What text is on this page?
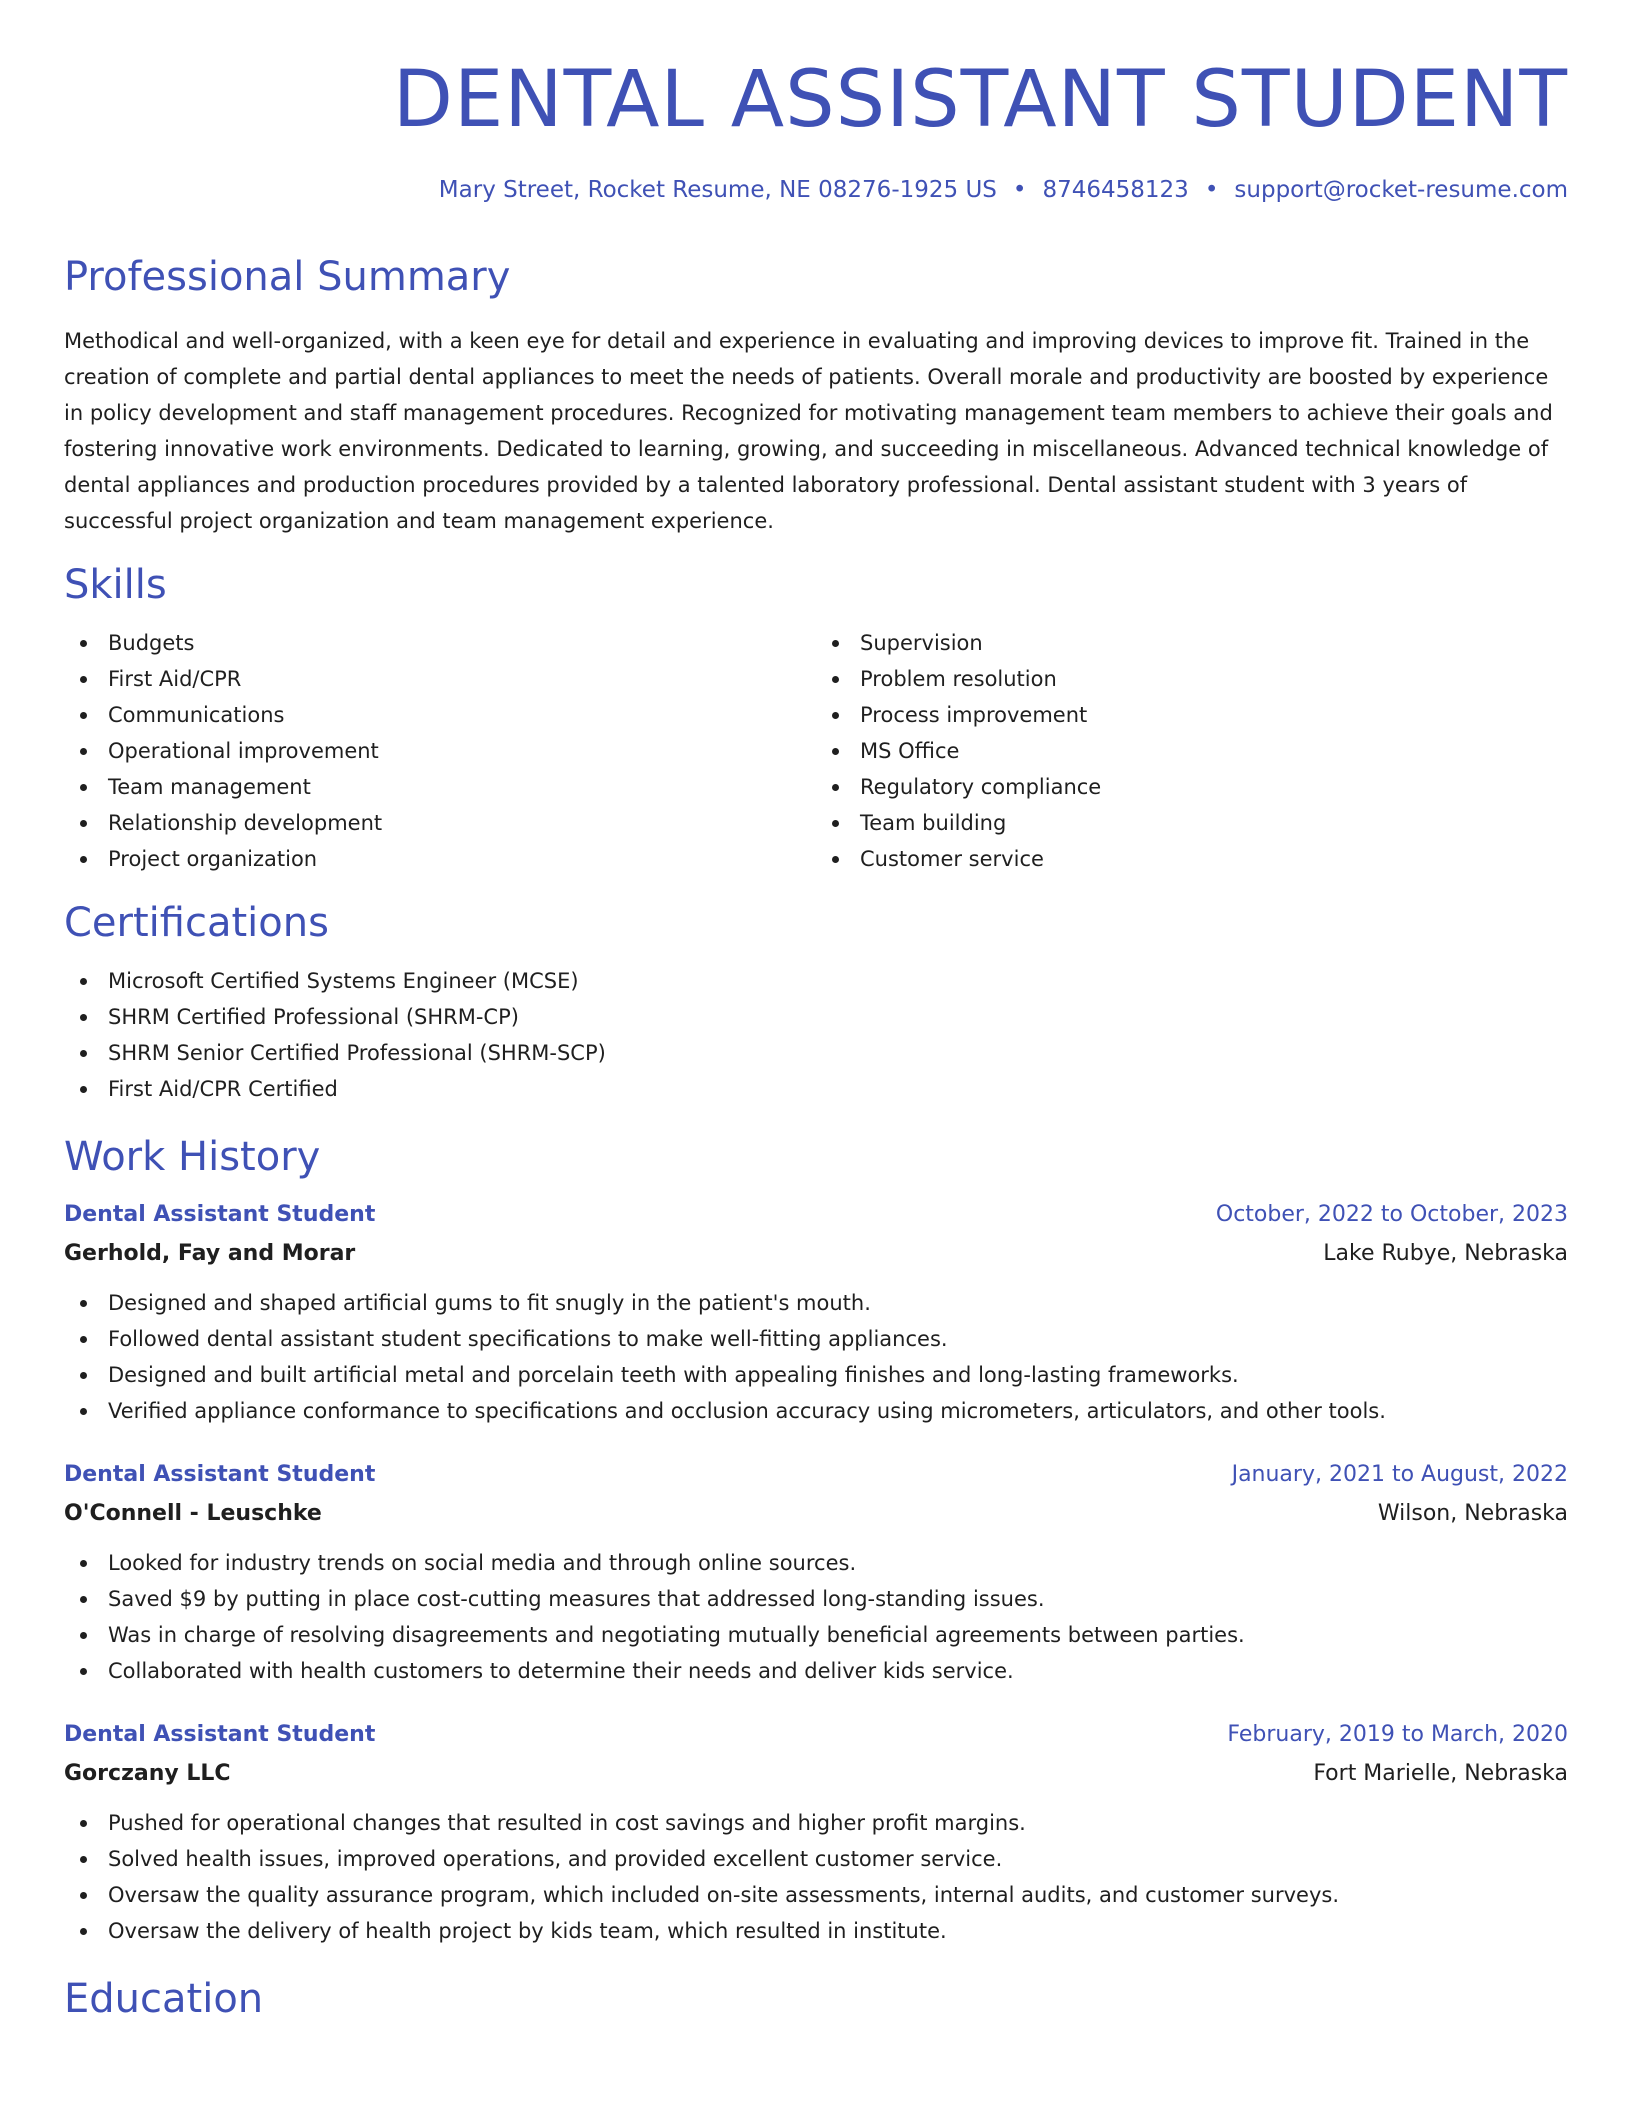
DENTAL ASSISTANT STUDENT
Mary Street, Rocket Resume, NE 08276-1925 US • 8746458123 • support@rocket-resume.com
Professional Summary
Methodical and well-organized, with a keen eye for detail and experience in evaluating and improving devices to improve fit. Trained in the creation of complete and partial dental appliances to meet the needs of patients. Overall morale and productivity are boosted by experience in policy development and staff management procedures. Recognized for motivating management team members to achieve their goals and fostering innovative work environments. Dedicated to learning, growing, and succeeding in miscellaneous. Advanced technical knowledge of dental appliances and production procedures provided by a talented laboratory professional. Dental assistant student with 3 years of successful project organization and team management experience.
Skills
Budgets
First Aid/CPR
Communications
Operational improvement
Team management
Relationship development
Project organization
Supervision
Problem resolution
Process improvement
MS Office
Regulatory compliance
Team building
Customer service
Certifications
Microsoft Certified Systems Engineer (MCSE)
SHRM Certified Professional (SHRM-CP)
SHRM Senior Certified Professional (SHRM-SCP)
First Aid/CPR Certified
Work History
Dental Assistant Student	October, 2022 to October, 2023
Gerhold, Fay and Morar	Lake Rubye, Nebraska
Designed and shaped artificial gums to fit snugly in the patient's mouth.
Followed dental assistant student specifications to make well-fitting appliances.
Designed and built artificial metal and porcelain teeth with appealing finishes and long-lasting frameworks.
Verified appliance conformance to specifications and occlusion accuracy using micrometers, articulators, and other tools.
Dental Assistant Student	January, 2021 to August, 2022
O'Connell - Leuschke	Wilson, Nebraska
Looked for industry trends on social media and through online sources.
Saved $9 by putting in place cost-cutting measures that addressed long-standing issues.
Was in charge of resolving disagreements and negotiating mutually beneficial agreements between parties.
Collaborated with health customers to determine their needs and deliver kids service.
Dental Assistant Student	February, 2019 to March, 2020
Gorczany LLC	Fort Marielle, Nebraska
Pushed for operational changes that resulted in cost savings and higher profit margins.
Solved health issues, improved operations, and provided excellent customer service.
Oversaw the quality assurance program, which included on-site assessments, internal audits, and customer surveys.
Oversaw the delivery of health project by kids team, which resulted in institute.
Education
